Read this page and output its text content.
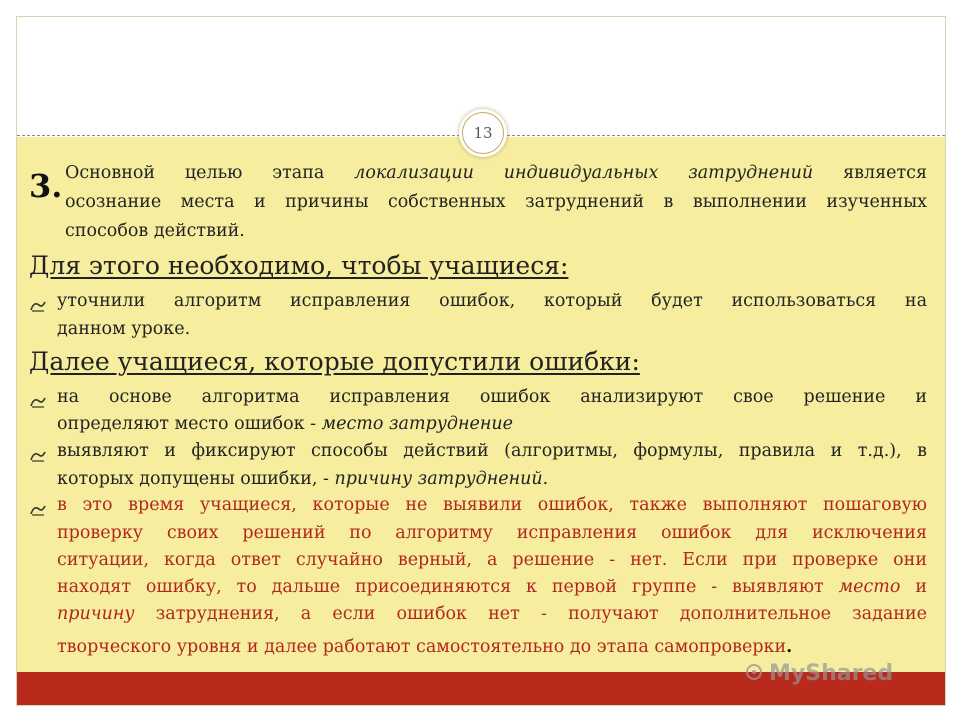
3. Основной целью этапа локализации индивидуальных затруднений является

осознание места и причины собственных затруднений в выполнении изученных

способов действий.

Для этого необходимо, чтобы учащиеся:

уточнили алгоритм исправления ошибок, который будет использоваться на

данном уроке.

Далее учащиеся, которые допустили ошибки:

на основе алгоритма исправления ошибок анализируют свое решение и

определяют место ошибок - место затруднение

выявляют и фиксируют способы действий (алгоритмы, формулы, правила и т.д.), в

которых допущены ошибки, - причину затруднений.

в это время учащиеся, которые не выявили ошибок, также выполняют пошаговую

проверку своих решений по алгоритму исправления ошибок для исключения

ситуации, когда ответ случайно верный, а решение - нет. Если при проверке они

находят ошибку, то дальше присоединяются к первой группе - выявляют место и

причину затруднения, а если ошибок нет - получают дополнительное задание

творческого уровня и далее работают самостоятельно до этапа самопроверки.

13
MyShared
